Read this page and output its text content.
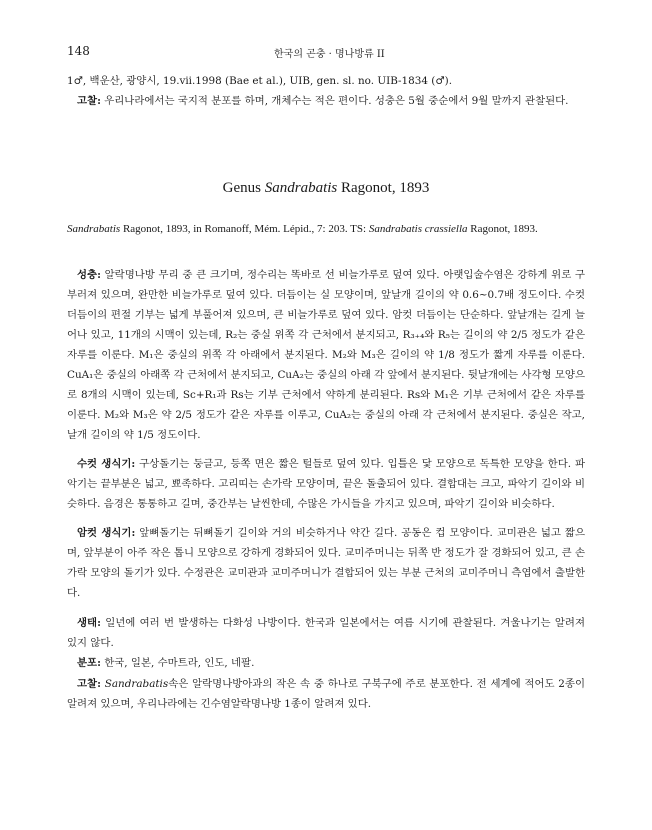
148	한국의 곤충 · 명나방류 II

1♂, 백운산, 광양시, 19.vii.1998 (Bae et al.), UIB, gen. sl. no. UIB-1834 (♂).
고찰: 우리나라에서는 국지적 분포를 하며, 개체수는 적은 편이다. 성충은 5월 중순에서 9월 말까지 관찰된다.

Genus Sandrabatis Ragonot, 1893

Sandrabatis Ragonot, 1893, in Romanoff, Mém. Lépid., 7: 203. TS: Sandrabatis crassiella Ragonot, 1893.

성충: 알락명나방 무리 중 큰 크기며, 정수리는 똑바로 선 비늘가루로 덮여 있다. 아랫입술수염은 강하게 위로 구부러져 있으며, 완만한 비늘가루로 덮여 있다. 더듬이는 실 모양이며, 앞날개 길이의 약 0.6~0.7배 정도이다. 수컷 더듬이의 편절 기부는 넓게 부풀어져 있으며, 큰 비늘가루로 덮여 있다. 암컷 더듬이는 단순하다. 앞날개는 길게 늘어나 있고, 11개의 시맥이 있는데, R₂는 중실 위쪽 각 근처에서 분지되고, R₃₊₄와 R₅는 길이의 약 2/5 정도가 같은 자루를 이룬다. M₁은 중실의 위쪽 각 아래에서 분지된다. M₂와 M₃은 길이의 약 1/8 정도가 짧게 자루를 이룬다. CuA₁은 중실의 아래쪽 각 근처에서 분지되고, CuA₂는 중실의 아래 각 앞에서 분지된다. 뒷날개에는 사각형 모양으로 8개의 시맥이 있는데, Sc+R₁과 Rs는 기부 근처에서 약하게 분리된다. Rs와 M₁은 기부 근처에서 같은 자루를 이룬다. M₂와 M₃은 약 2/5 정도가 같은 자루를 이루고, CuA₂는 중실의 아래 각 근처에서 분지된다. 중실은 작고, 날개 길이의 약 1/5 정도이다.

수컷 생식기: 구상돌기는 둥글고, 등쪽 면은 짧은 털들로 덮여 있다. 입틀은 닻 모양으로 독특한 모양을 한다. 파악기는 끝부분은 넓고, 뾰족하다. 고리띠는 손가락 모양이며, 끝은 돌출되어 있다. 결합대는 크고, 파악기 길이와 비슷하다. 음경은 통통하고 길며, 중간부는 날씬한데, 수많은 가시들을 가지고 있으며, 파악기 길이와 비슷하다.

암컷 생식기: 앞뼈돌기는 뒤뼈돌기 길이와 거의 비슷하거나 약간 길다. 공동은 컵 모양이다. 교미관은 넓고 짧으며, 앞부분이 아주 작은 톱니 모양으로 강하게 경화되어 있다. 교미주머니는 뒤쪽 반 정도가 잘 경화되어 있고, 큰 손가락 모양의 돌기가 있다. 수정관은 교미관과 교미주머니가 결합되어 있는 부분 근처의 교미주머니 측엽에서 출발한다.

생태: 일년에 여러 번 발생하는 다화성 나방이다. 한국과 일본에서는 여름 시기에 관찰된다. 겨울나기는 알려져 있지 않다.

분포: 한국, 일본, 수마트라, 인도, 네팔.

고찰: Sandrabatis속은 알락명나방아과의 작은 속 중 하나로 구북구에 주로 분포한다. 전 세계에 적어도 2종이 알려져 있으며, 우리나라에는 긴수염알락명나방 1종이 알려져 있다.
